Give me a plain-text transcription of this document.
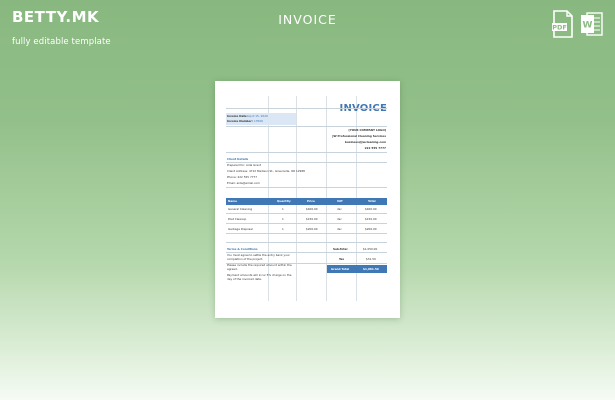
BETTY.MK
fully editable template
INVOICE
PDF W
INVOICE
Invoice Date: April 15, 2049
Invoice Number: 13506
[YOUR COMPANY LOGO]
JW Professional Cleaning Services
business@jwcleaning.com
222 555 7777
Client Details
Prepared for: Aida Grant
Client Address: 4712 Madison St., Greenville, OR 12988
Phone: 222 555 7777
Email: aida@email.com
Name	Quantity	Price	VAT	Total
General Cleaning	1	$400.00	dsc	$400.00
Post Cleanup	1	$150.00	dsc	$150.00
Garbage Disposal	1	$200.00	dsc	$200.00
Terms & Conditions
You must agree to settle the entry bank your
completion of the project.
Please include the required amount within the
agreed.
Payment amounts will incur 5% charge on the
day of the invoiced date.
Sub-Total	$1,050.00
Tax	$31.50
Grand Total	$1,081.50
